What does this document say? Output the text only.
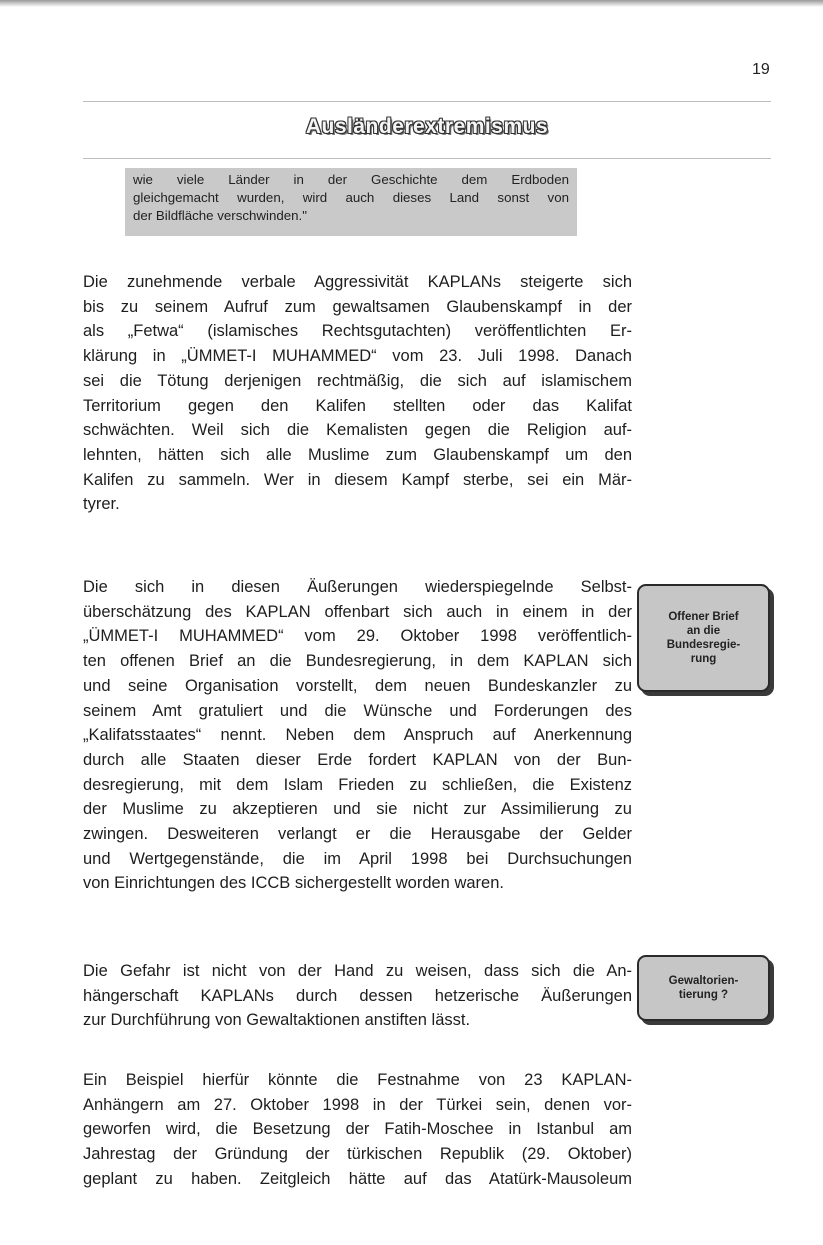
19
Ausländerextremismus
wie viele Länder in der Geschichte dem Erdboden
gleichgemacht wurden, wird auch dieses Land sonst von
der Bildfläche verschwinden."
Die zunehmende verbale Aggressivität KAPLANs steigerte sich
bis zu seinem Aufruf zum gewaltsamen Glaubenskampf in der
als „Fetwa“ (islamisches Rechtsgutachten) veröffentlichten Er-
klärung in „ÜMMET-I MUHAMMED“ vom 23. Juli 1998. Danach
sei die Tötung derjenigen rechtmäßig, die sich auf islamischem
Territorium gegen den Kalifen stellten oder das Kalifat
schwächten. Weil sich die Kemalisten gegen die Religion auf-
lehnten, hätten sich alle Muslime zum Glaubenskampf um den
Kalifen zu sammeln. Wer in diesem Kampf sterbe, sei ein Mär-
tyrer.
Die sich in diesen Äußerungen wiederspiegelnde Selbst-
überschätzung des KAPLAN offenbart sich auch in einem in der
„ÜMMET-I MUHAMMED“ vom 29. Oktober 1998 veröffentlich-
ten offenen Brief an die Bundesregierung, in dem KAPLAN sich
und seine Organisation vorstellt, dem neuen Bundeskanzler zu
seinem Amt gratuliert und die Wünsche und Forderungen des
„Kalifatsstaates“ nennt. Neben dem Anspruch auf Anerkennung
durch alle Staaten dieser Erde fordert KAPLAN von der Bun-
desregierung, mit dem Islam Frieden zu schließen, die Existenz
der Muslime zu akzeptieren und sie nicht zur Assimilierung zu
zwingen. Desweiteren verlangt er die Herausgabe der Gelder
und Wertgegenstände, die im April 1998 bei Durchsuchungen
von Einrichtungen des ICCB sichergestellt worden waren.
Die Gefahr ist nicht von der Hand zu weisen, dass sich die An-
hängerschaft KAPLANs durch dessen hetzerische Äußerungen
zur Durchführung von Gewaltaktionen anstiften lässt.
Ein Beispiel hierfür könnte die Festnahme von 23 KAPLAN-
Anhängern am 27. Oktober 1998 in der Türkei sein, denen vor-
geworfen wird, die Besetzung der Fatih-Moschee in Istanbul am
Jahrestag der Gründung der türkischen Republik (29. Oktober)
geplant zu haben. Zeitgleich hätte auf das Atatürk-Mausoleum
Offener Brief
an die
Bundesregie-
rung
Gewaltorien-
tierung ?
